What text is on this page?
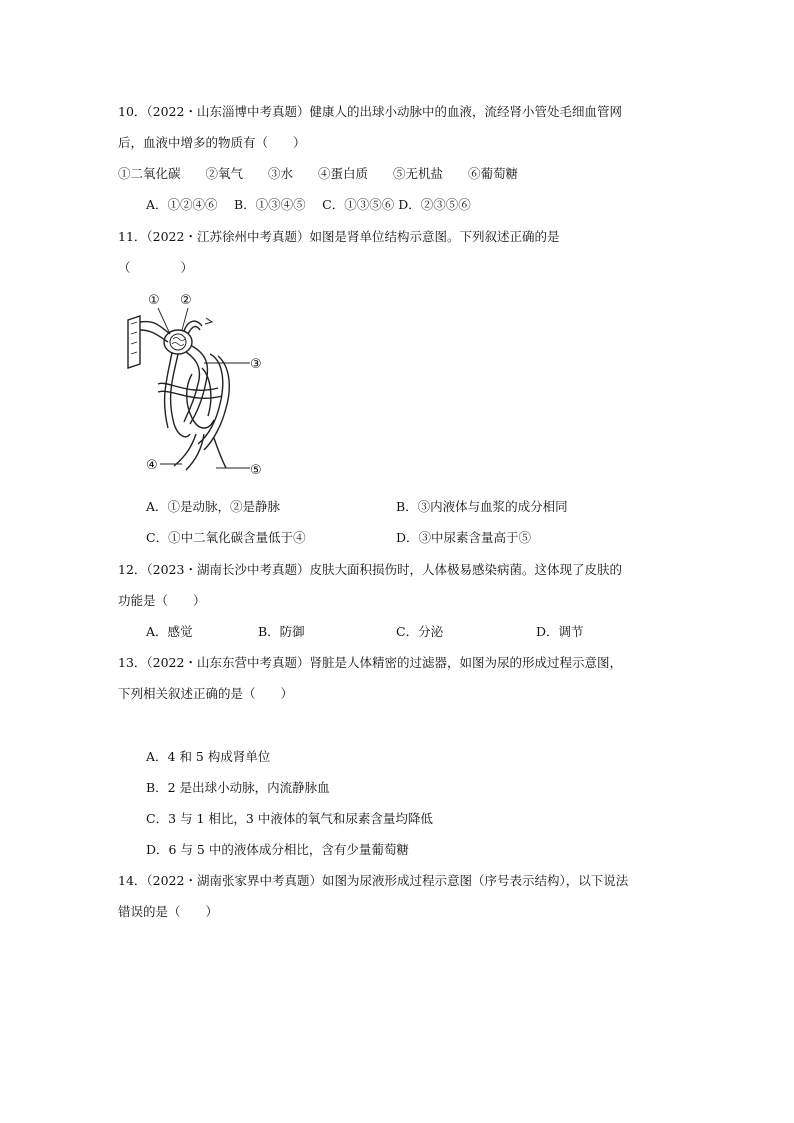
10．（2022・山东淄博中考真题）健康人的出球小动脉中的血液，流经肾小管处毛细血管网
后，血液中增多的物质有（　　）
①二氧化碳　　②氧气　　③水　　④蛋白质　　⑤无机盐　　⑥葡萄糖
A．①②④⑥　 B．①③④⑤　 C．①③⑤⑥ D．②③⑤⑥
11．（2022・江苏徐州中考真题）如图是肾单位结构示意图。下列叙述正确的是
（　　　　）
① ②
③
④	⑤
A．①是动脉，②是静脉	B．③内液体与血浆的成分相同
C．①中二氧化碳含量低于④	D．③中尿素含量高于⑤
12．（2023・湖南长沙中考真题）皮肤大面积损伤时，人体极易感染病菌。这体现了皮肤的
功能是（　　）
A．感觉	B．防御	C．分泌	D．调节
13．（2022・山东东营中考真题）肾脏是人体精密的过滤器，如图为尿的形成过程示意图，
下列相关叙述正确的是（　　）
A．4 和 5 构成肾单位
B．2 是出球小动脉，内流静脉血
C．3 与 1 相比，3 中液体的氧气和尿素含量均降低
D．6 与 5 中的液体成分相比，含有少量葡萄糖
14．（2022・湖南张家界中考真题）如图为尿液形成过程示意图（序号表示结构），以下说法
错误的是（　　）
